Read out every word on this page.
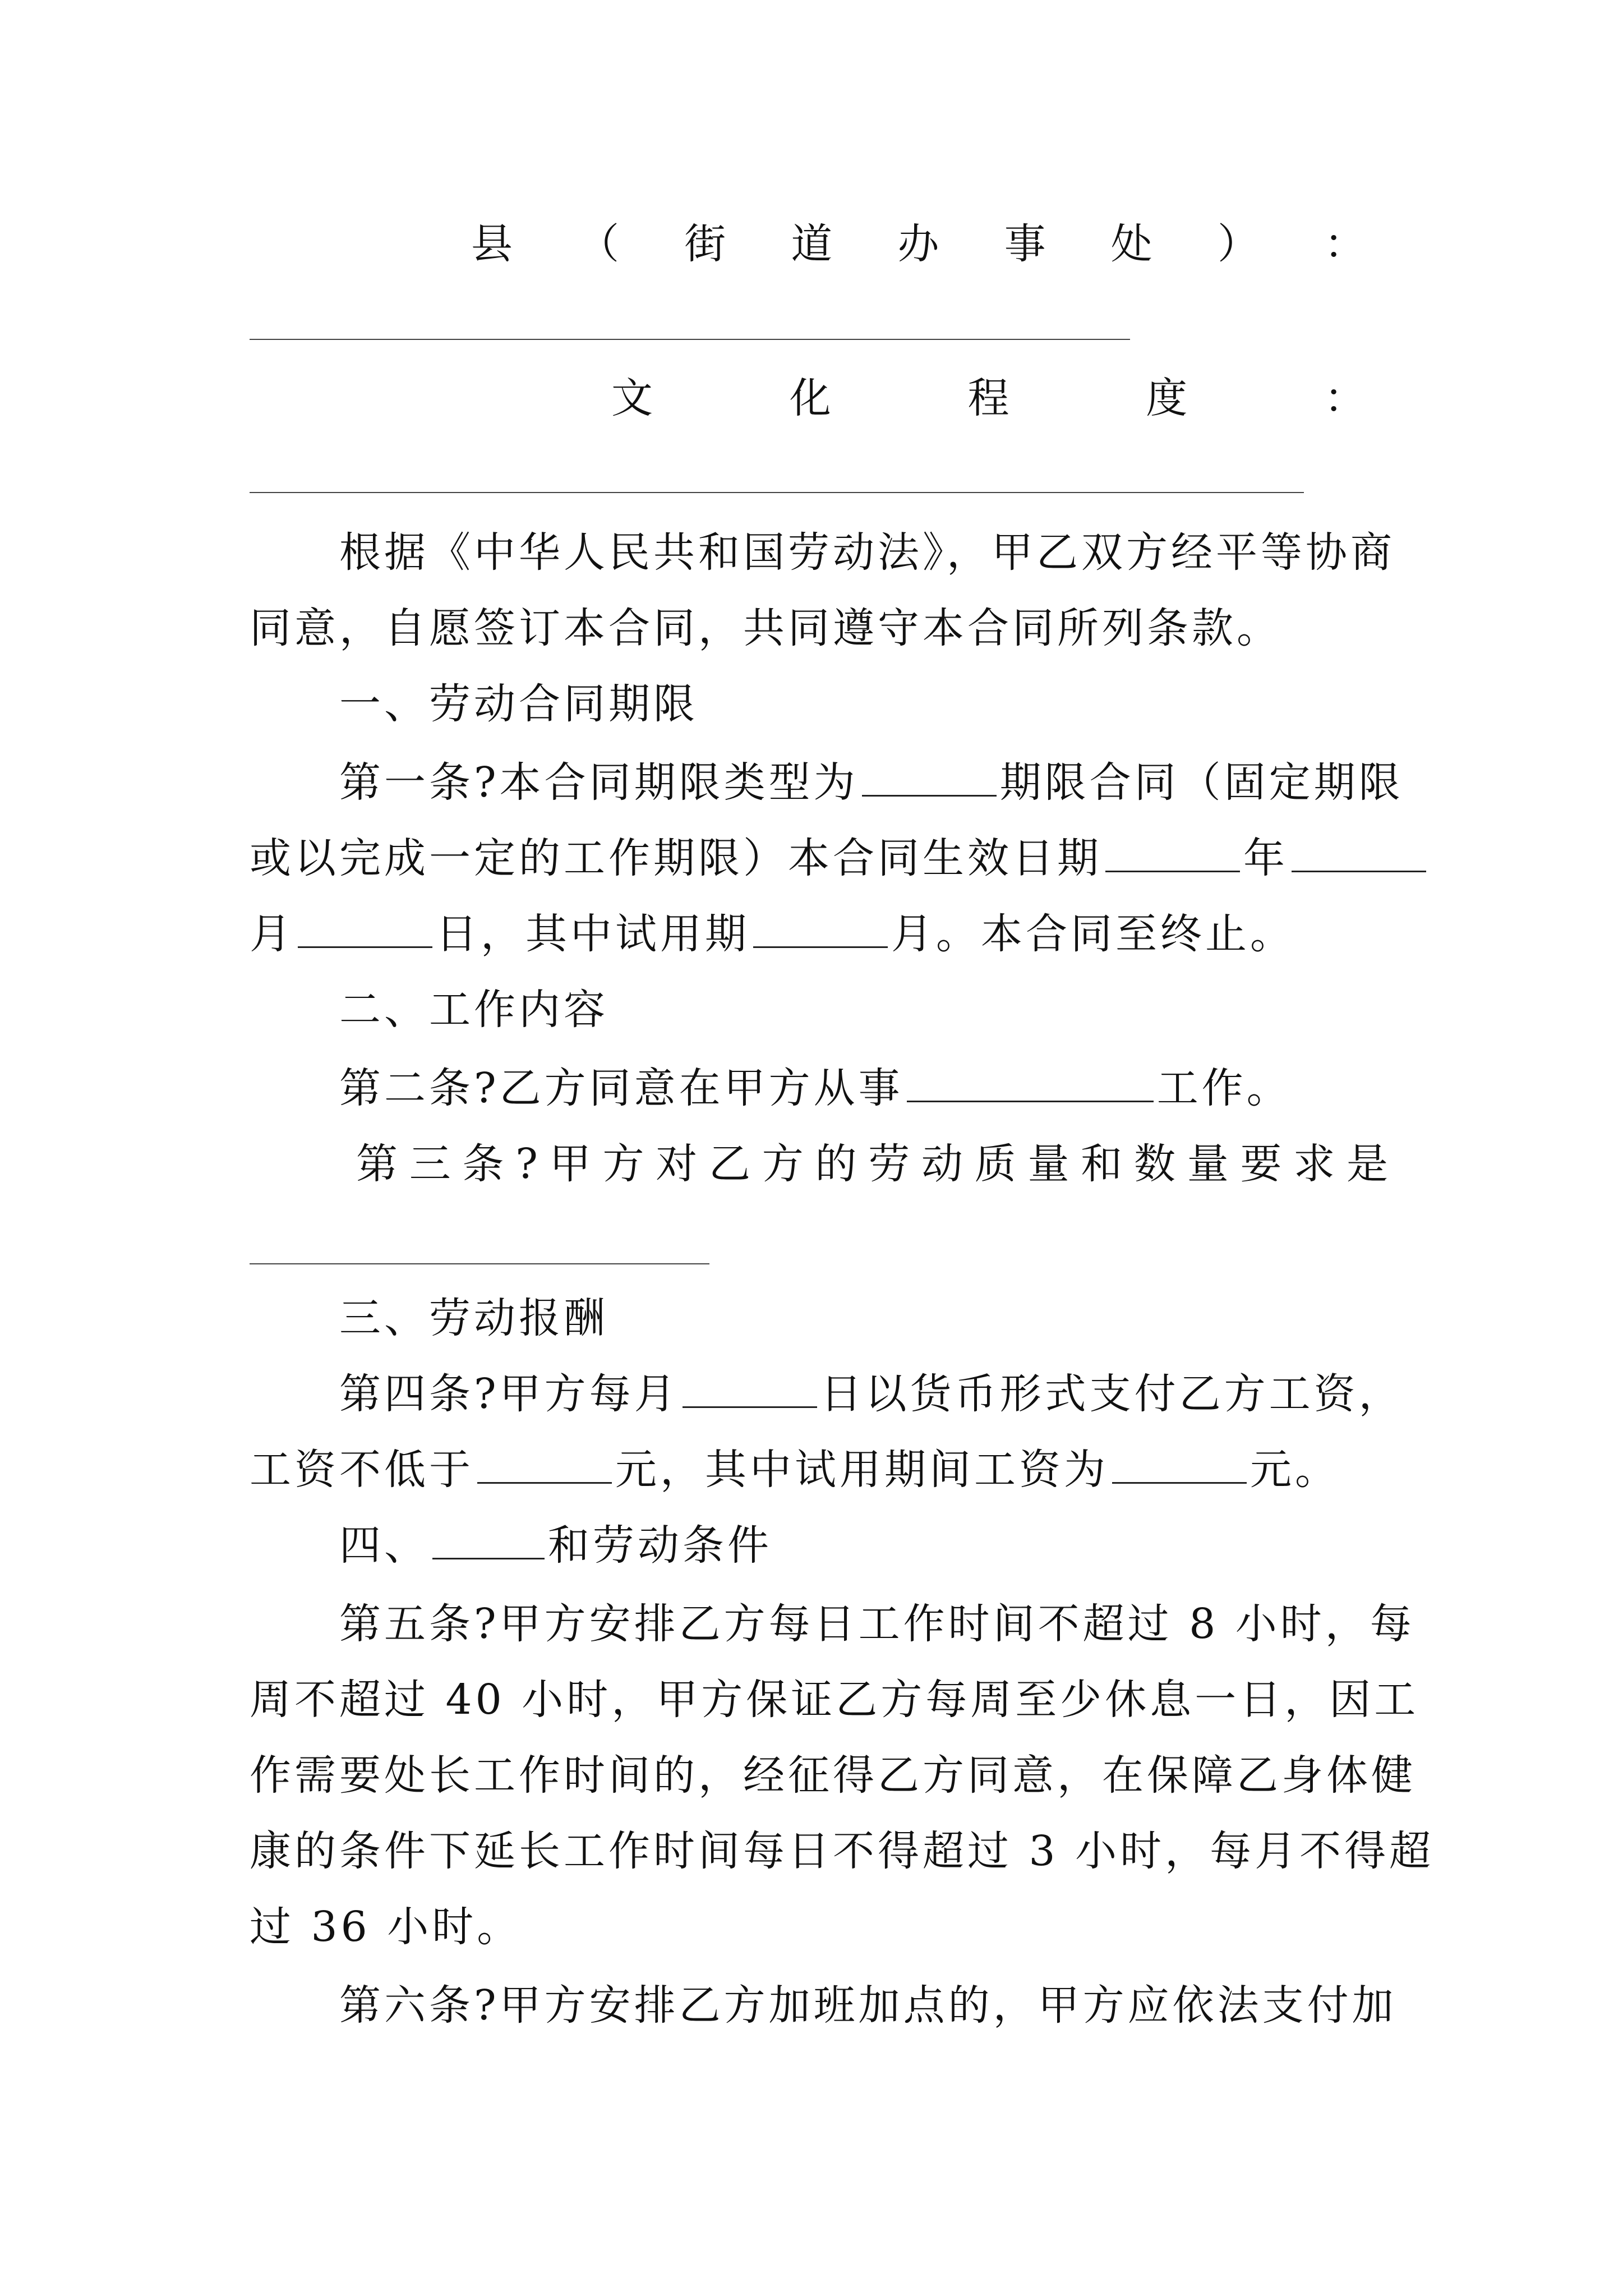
县 （ 街 道 办 事 处 ） ：
文	化	程	度	：
根据《中华人民共和国劳动法》，甲乙双方经平等协商
同意，自愿签订本合同，共同遵守本合同所列条款。
一、劳动合同期限
第一条?本合同期限类型为	期限合同（固定期限
或以完成一定的工作期限）本合同生效日期	年
月	日，其中试用期	月。本合同至终止。
二、工作内容
第二条?乙方同意在甲方从事	工作。
第 三 条 ? 甲 方 对 乙 方 的 劳 动 质 量 和 数 量 要 求 是
三、劳动报酬
第四条?甲方每月	日以货币形式支付乙方工资，
工资不低于	元，其中试用期间工资为	元。
四、	和劳动条件
第五条?甲方安排乙方每日工作时间不超过 8 小时，每
周不超过 40 小时，甲方保证乙方每周至少休息一日，因工
作需要处长工作时间的，经征得乙方同意，在保障乙身体健
康的条件下延长工作时间每日不得超过 3 小时，每月不得超
过 36 小时。
第六条?甲方安排乙方加班加点的，甲方应依法支付加
